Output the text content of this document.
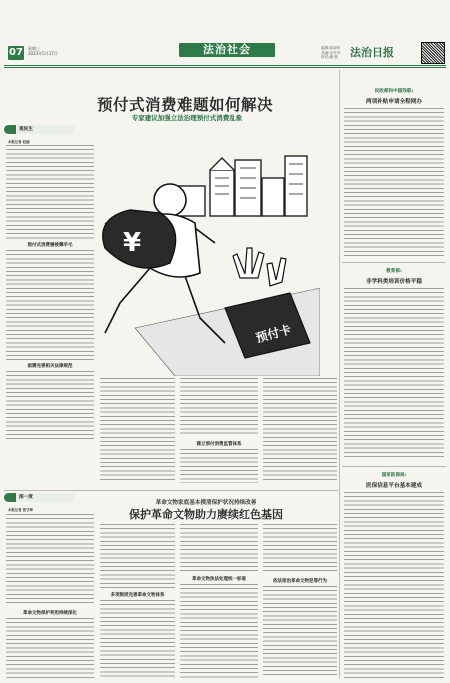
07 星期三
2023年5月17日	法治社会	编辑:陈丽华
美编:宋丹丹
校对:潘 俊 法治日报
预付式消费难题如何解决
专家建议加强立法治理预付式消费乱象
¥
预付卡
观民生
本报记者 赵丽
预付式消费屡被薅羊毛
亟需完善相关法律规范
建立预付消费监管体系
深一度
革命文物家底基本摸清保护状况持续改善
保护革命文物助力赓续红色基因
本报记者 张守坤
革命文物保护利用持续深化
多项制度完善革命文物体系
革命文物执法处理统一标准	依法惩治革命文物犯罪行为
民政部和中国残联:
两项补贴申请全程网办
教育部:
非学科类培训价格平稳
国家医保局:
医保信息平台基本建成
